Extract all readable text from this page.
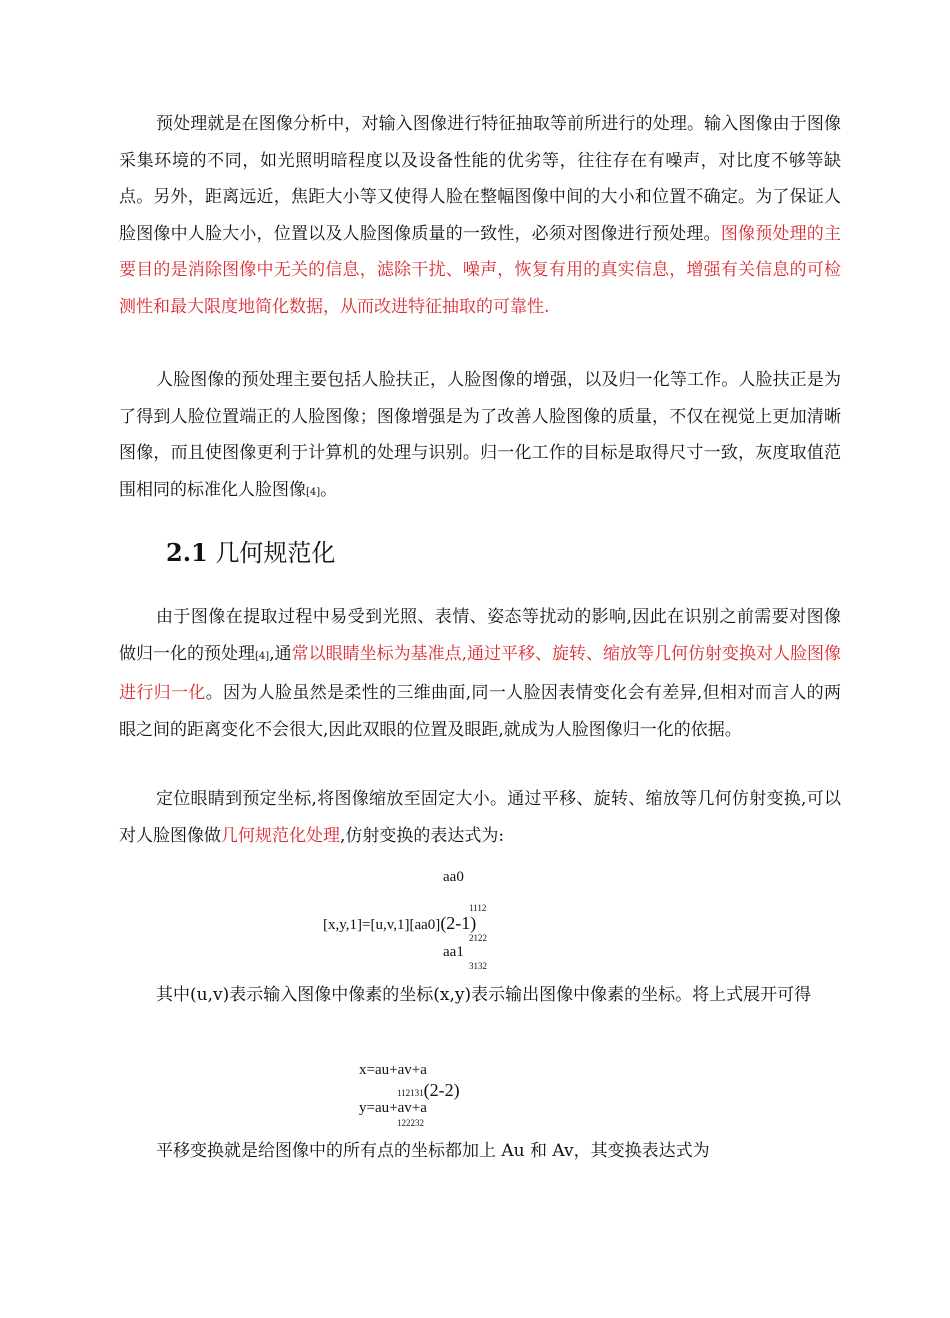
预处理就是在图像分析中，对输入图像进行特征抽取等前所进行的处理。输入图像由于图像采集环境的不同，如光照明暗程度以及设备性能的优劣等，往往存在有噪声，对比度不够等缺点。另外，距离远近，焦距大小等又使得人脸在整幅图像中间的大小和位置不确定。为了保证人脸图像中人脸大小，位置以及人脸图像质量的一致性，必须对图像进行预处理。图像预处理的主要目的是消除图像中无关的信息，滤除干扰、噪声，恢复有用的真实信息，增强有关信息的可检测性和最大限度地简化数据，从而改进特征抽取的可靠性.
人脸图像的预处理主要包括人脸扶正，人脸图像的增强，以及归一化等工作。人脸扶正是为了得到人脸位置端正的人脸图像；图像增强是为了改善人脸图像的质量，不仅在视觉上更加清晰图像，而且使图像更利于计算机的处理与识别。归一化工作的目标是取得尺寸一致，灰度取值范围相同的标准化人脸图像[4]。
2.1 几何规范化
由于图像在提取过程中易受到光照、表情、姿态等扰动的影响,因此在识别之前需要对图像做归一化的预处理[4],通常以眼睛坐标为基准点,通过平移、旋转、缩放等几何仿射变换对人脸图像进行归一化。因为人脸虽然是柔性的三维曲面,同一人脸因表情变化会有差异,但相对而言人的两眼之间的距离变化不会很大,因此双眼的位置及眼距,就成为人脸图像归一化的依据。
定位眼睛到预定坐标,将图像缩放至固定大小。通过平移、旋转、缩放等几何仿射变换,可以对人脸图像做几何规范化处理,仿射变换的表达式为:
aa0
1112
[x,y,1]=[u,v,1][aa0](2-1)
2122
aa1
3132
其中(u,v)表示输入图像中像素的坐标(x,y)表示输出图像中像素的坐标。将上式展开可得
x=au+av+a
112131(2-2)
y=au+av+a
122232
平移变换就是给图像中的所有点的坐标都加上 Au 和 Av，其变换表达式为
